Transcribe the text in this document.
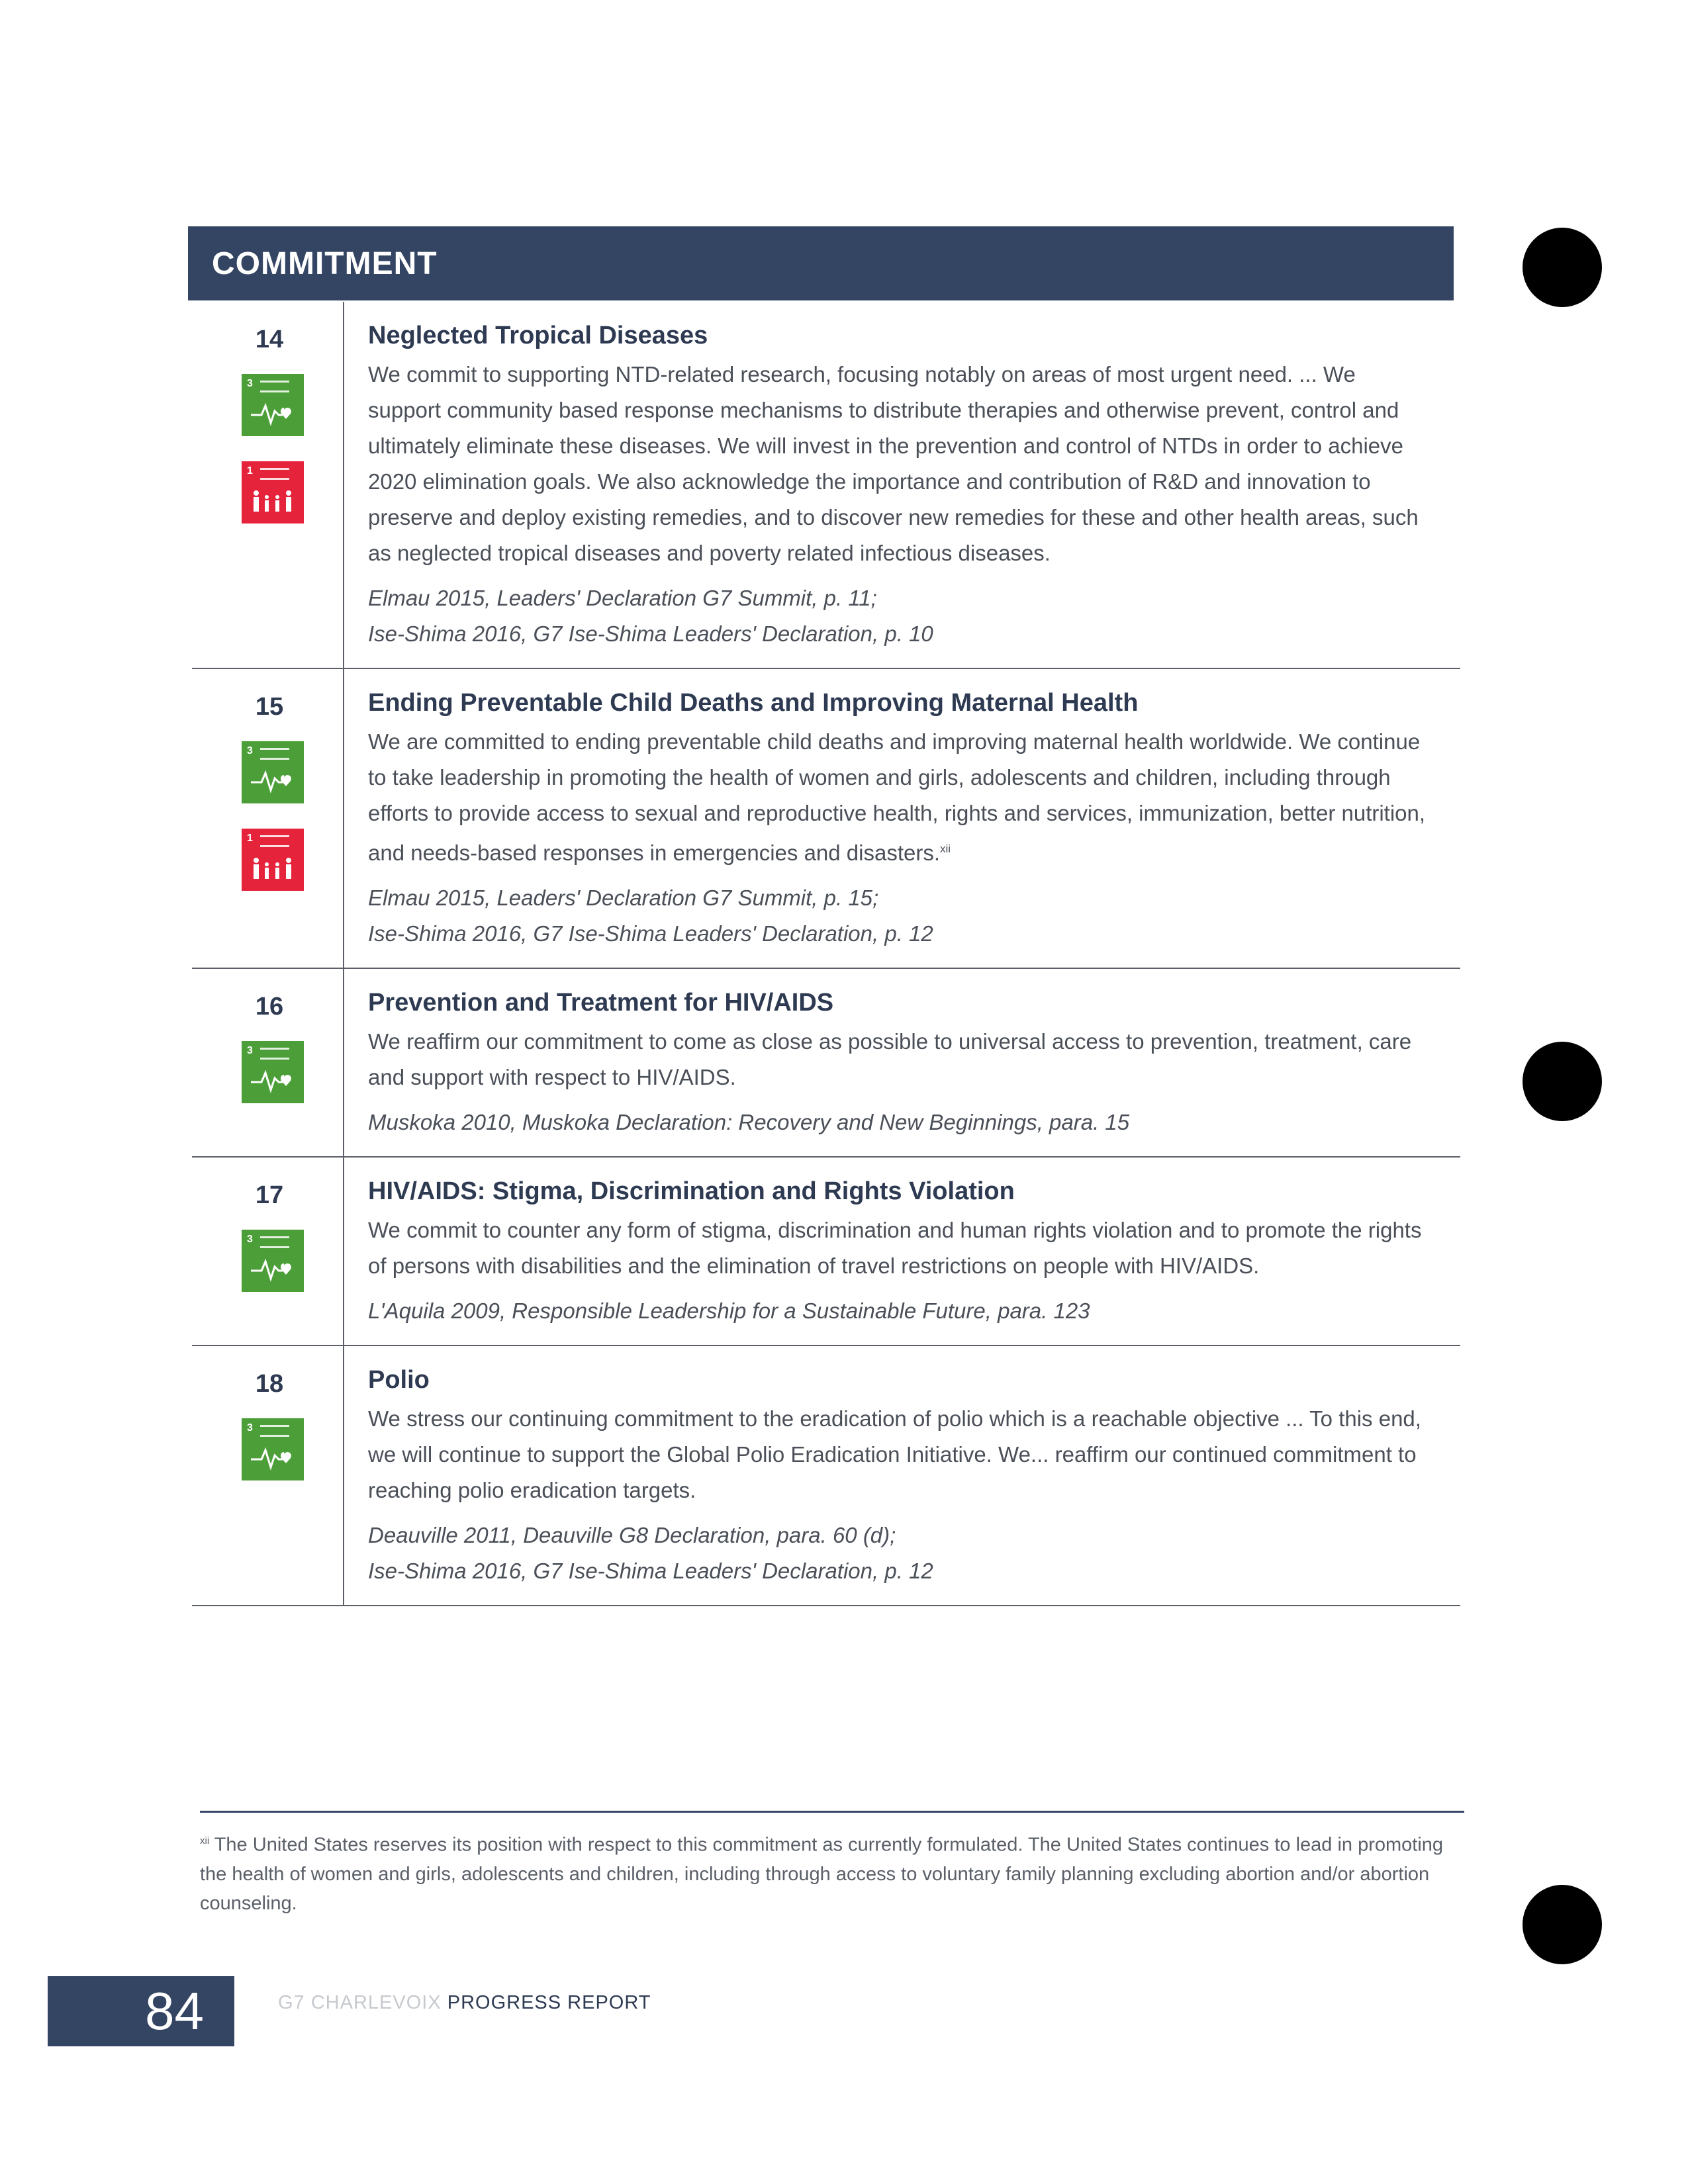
COMMITMENT
14
3
1
Neglected Tropical Diseases
We commit to supporting NTD-related research, focusing notably on areas of most urgent need. ... We support community based response mechanisms to distribute therapies and otherwise prevent, control and ultimately eliminate these diseases. We will invest in the prevention and control of NTDs in order to achieve 2020 elimination goals. We also acknowledge the importance and contribution of R&D and innovation to preserve and deploy existing remedies, and to discover new remedies for these and other health areas, such as neglected tropical diseases and poverty related infectious diseases.
Elmau 2015, Leaders' Declaration G7 Summit, p. 11;
Ise-Shima 2016, G7 Ise-Shima Leaders' Declaration, p. 10
15
3
1
Ending Preventable Child Deaths and Improving Maternal Health
We are committed to ending preventable child deaths and improving maternal health worldwide. We continue to take leadership in promoting the health of women and girls, adolescents and children, including through efforts to provide access to sexual and reproductive health, rights and services, immunization, better nutrition, and needs-based responses in emergencies and disasters.$^{xii}$
Elmau 2015, Leaders' Declaration G7 Summit, p. 15;
Ise-Shima 2016, G7 Ise-Shima Leaders' Declaration, p. 12
16
3
Prevention and Treatment for HIV/AIDS
We reaffirm our commitment to come as close as possible to universal access to prevention, treatment, care and support with respect to HIV/AIDS.
Muskoka 2010, Muskoka Declaration: Recovery and New Beginnings, para. 15
17
3
HIV/AIDS: Stigma, Discrimination and Rights Violation
We commit to counter any form of stigma, discrimination and human rights violation and to promote the rights of persons with disabilities and the elimination of travel restrictions on people with HIV/AIDS.
L'Aquila 2009, Responsible Leadership for a Sustainable Future, para. 123
18
3
Polio
We stress our continuing commitment to the eradication of polio which is a reachable objective ... To this end, we will continue to support the Global Polio Eradication Initiative. We... reaffirm our continued commitment to reaching polio eradication targets.
Deauville 2011, Deauville G8 Declaration, para. 60 (d);
Ise-Shima 2016, G7 Ise-Shima Leaders' Declaration, p. 12
$^{xii}$ The United States reserves its position with respect to this commitment as currently formulated. The United States continues to lead in promoting the health of women and girls, adolescents and children, including through access to voluntary family planning excluding abortion and/or abortion counseling.
84	G7 CHARLEVOIX PROGRESS REPORT
